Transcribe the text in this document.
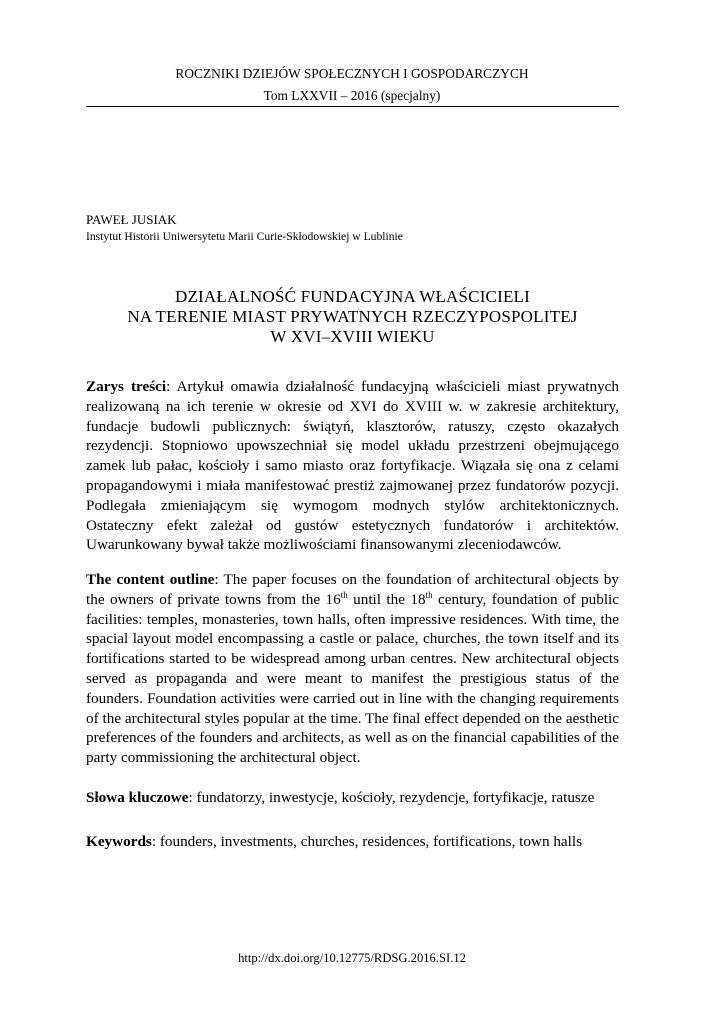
ROCZNIKI DZIEJÓW SPOŁECZNYCH I GOSPODARCZYCH
Tom LXXVII – 2016 (specjalny)
PAWEŁ JUSIAK
Instytut Historii Uniwersytetu Marii Curie-Skłodowskiej w Lublinie
DZIAŁALNOŚĆ FUNDACYJNA WŁAŚCICIELI
NA TERENIE MIAST PRYWATNYCH RZECZYPOSPOLITEJ
W XVI–XVIII WIEKU
Zarys treści: Artykuł omawia działalność fundacyjną właścicieli miast prywatnych realizowaną na ich terenie w okresie od XVI do XVIII w. w zakresie architektury, fundacje budowli publicznych: świątyń, klasztorów, ratuszy, często okazałych rezydencji. Stopniowo upowszechniał się model układu przestrzeni obejmującego zamek lub pałac, kościoły i samo miasto oraz fortyfikacje. Wiązała się ona z celami propagandowymi i miała manifestować prestiż zajmowanej przez fundatorów pozycji. Podlegała zmieniającym się wymogom modnych stylów architektonicznych. Ostateczny efekt zależał od gustów estetycznych fundatorów i architektów. Uwarunkowany bywał także możliwościami finansowanymi zleceniodawców.
The content outline: The paper focuses on the foundation of architectural objects by the owners of private towns from the 16th until the 18th century, foundation of public facilities: temples, monasteries, town halls, often impressive residences. With time, the spacial layout model encompassing a castle or palace, churches, the town itself and its fortifications started to be widespread among urban centres. New architectural objects served as propaganda and were meant to manifest the prestigious status of the founders. Foundation activities were carried out in line with the changing requirements of the architectural styles popular at the time. The final effect depended on the aesthetic preferences of the founders and architects, as well as on the financial capabilities of the party commissioning the architectural object.
Słowa kluczowe: fundatorzy, inwestycje, kościoły, rezydencje, fortyfikacje, ratusze
Keywords: founders, investments, churches, residences, fortifications, town halls
http://dx.doi.org/10.12775/RDSG.2016.SI.12
